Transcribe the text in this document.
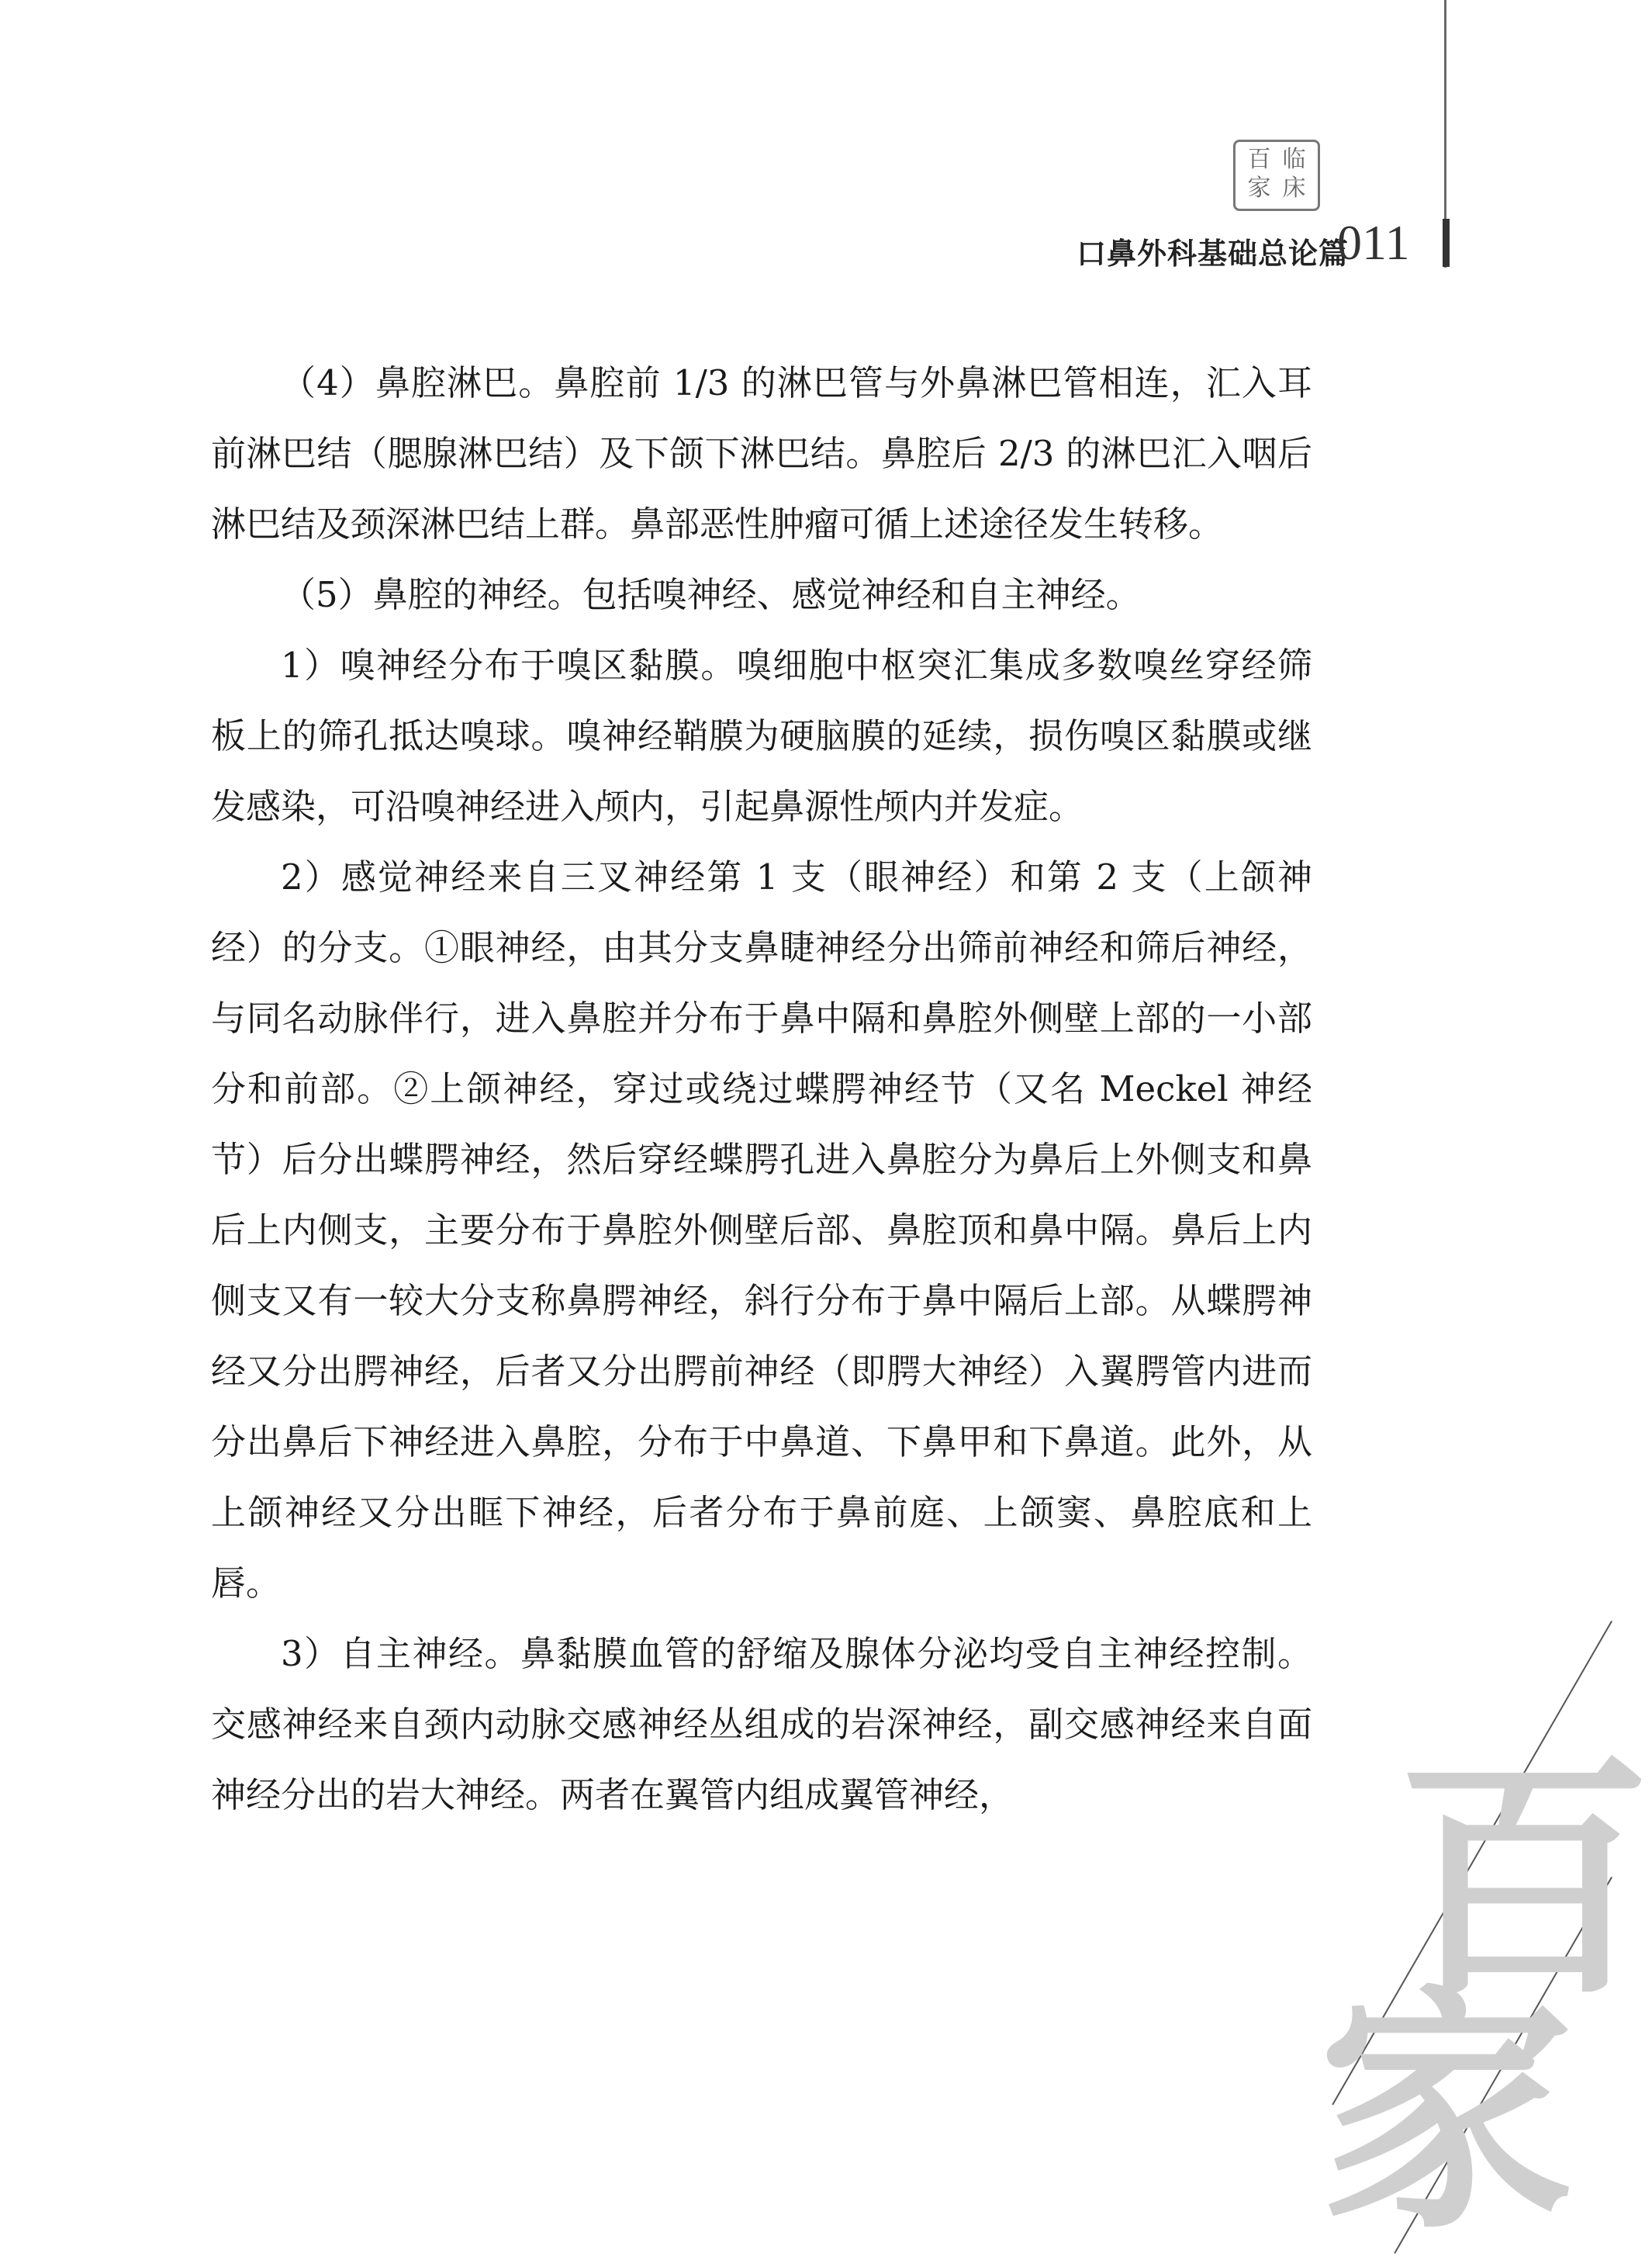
百 临
家 床
口鼻外科基础总论篇
011

（4）鼻腔淋巴。鼻腔前 1/3 的淋巴管与外鼻淋巴管相连，汇入耳前淋巴结（腮腺淋巴结）及下颌下淋巴结。鼻腔后 2/3 的淋巴汇入咽后淋巴结及颈深淋巴结上群。鼻部恶性肿瘤可循上述途径发生转移。

（5）鼻腔的神经。包括嗅神经、感觉神经和自主神经。

1）嗅神经分布于嗅区黏膜。嗅细胞中枢突汇集成多数嗅丝穿经筛板上的筛孔抵达嗅球。嗅神经鞘膜为硬脑膜的延续，损伤嗅区黏膜或继发感染，可沿嗅神经进入颅内，引起鼻源性颅内并发症。

2）感觉神经来自三叉神经第 1 支（眼神经）和第 2 支（上颌神经）的分支。①眼神经，由其分支鼻睫神经分出筛前神经和筛后神经，与同名动脉伴行，进入鼻腔并分布于鼻中隔和鼻腔外侧壁上部的一小部分和前部。②上颌神经，穿过或绕过蝶腭神经节（又名 Meckel 神经节）后分出蝶腭神经，然后穿经蝶腭孔进入鼻腔分为鼻后上外侧支和鼻后上内侧支，主要分布于鼻腔外侧壁后部、鼻腔顶和鼻中隔。鼻后上内侧支又有一较大分支称鼻腭神经，斜行分布于鼻中隔后上部。从蝶腭神经又分出腭神经，后者又分出腭前神经（即腭大神经）入翼腭管内进而分出鼻后下神经进入鼻腔，分布于中鼻道、下鼻甲和下鼻道。此外，从上颌神经又分出眶下神经，后者分布于鼻前庭、上颌窦、鼻腔底和上唇。

3）自主神经。鼻黏膜血管的舒缩及腺体分泌均受自主神经控制。交感神经来自颈内动脉交感神经丛组成的岩深神经，副交感神经来自面神经分出的岩大神经。两者在翼管内组成翼管神经，	百
家
